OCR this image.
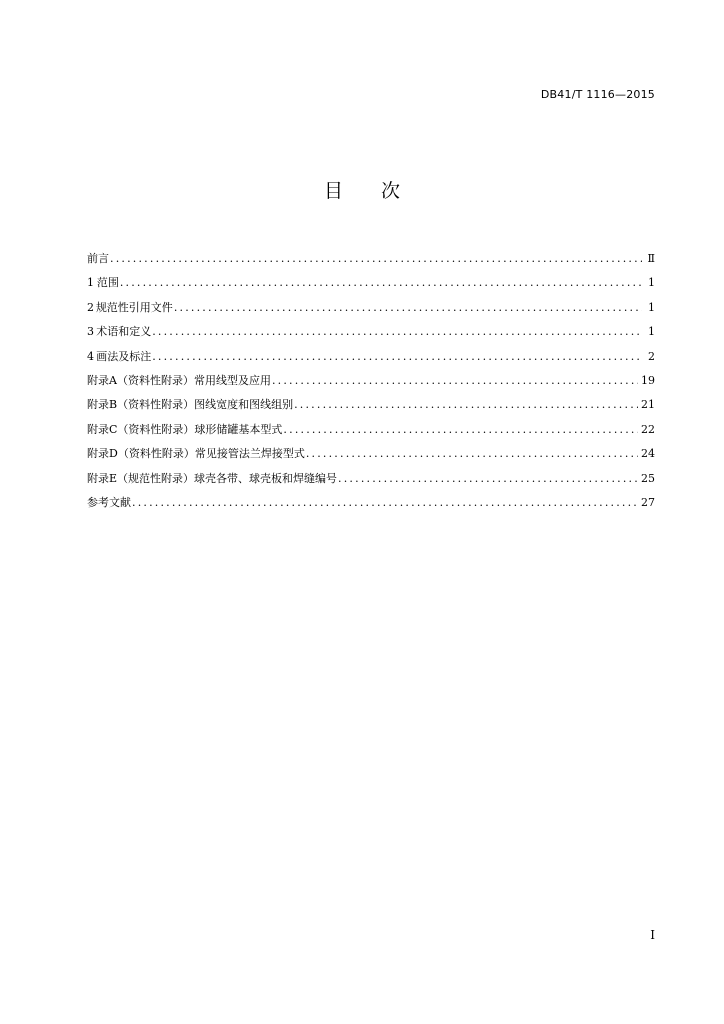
DB41/T 1116—2015
目 次
前言 .....	Ⅱ
1 范围 .....	1
2 规范性引用文件 .....	1
3 术语和定义 .....	1
4 画法及标注 .....	2
附录A（资料性附录）常用线型及应用 .....	19
附录B（资料性附录）图线宽度和图线组别 .....	21
附录C（资料性附录）球形储罐基本型式 .....	22
附录D（资料性附录）常见接管法兰焊接型式 .....	24
附录E（规范性附录）球壳各带、球壳板和焊缝编号 .....	25
参考文献 .....	27
I
